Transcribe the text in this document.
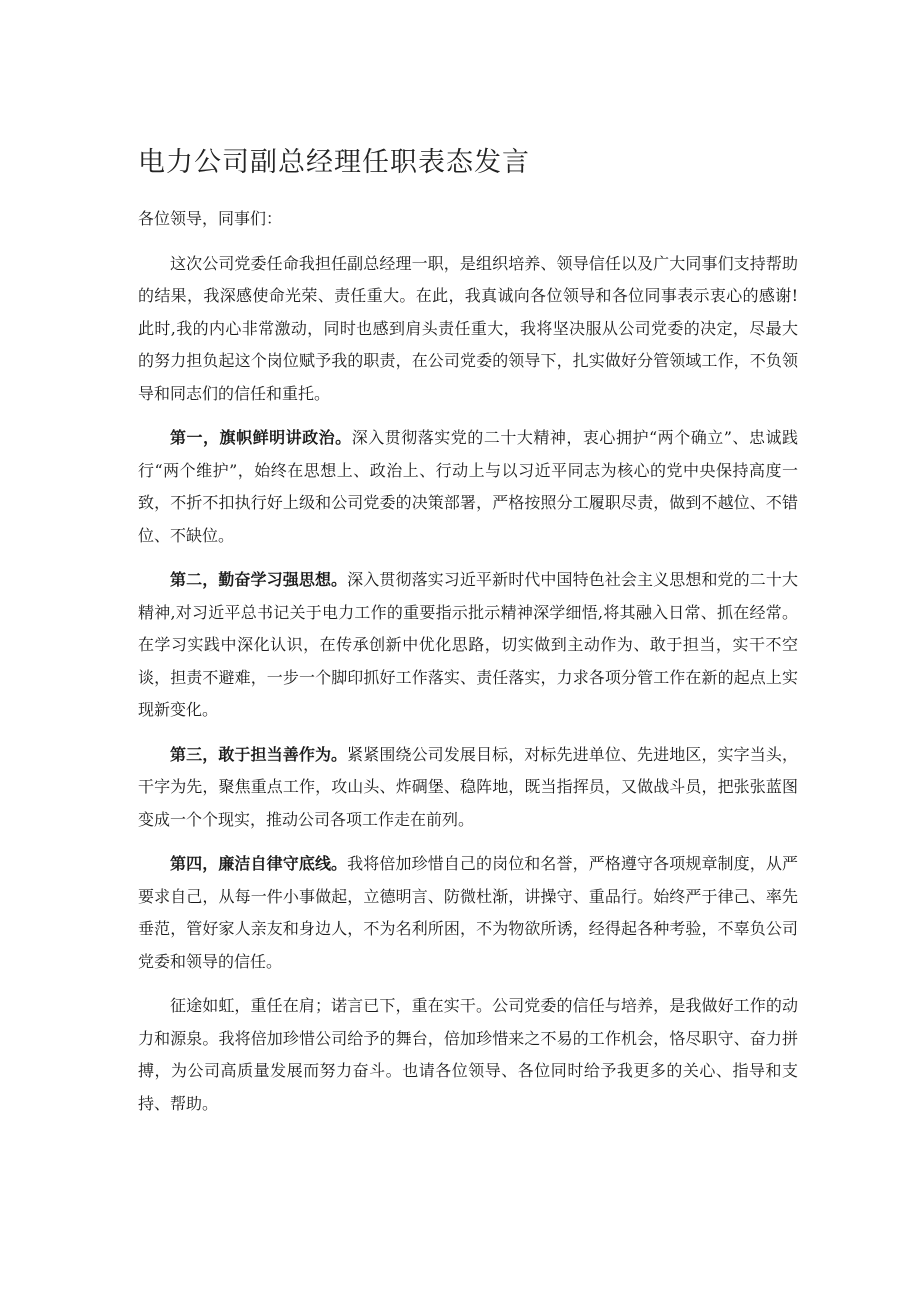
电力公司副总经理任职表态发言

各位领导，同事们：

这次公司党委任命我担任副总经理一职，是组织培养、领导信任以及广大同事们支持帮助的结果，我深感使命光荣、责任重大。在此，我真诚向各位领导和各位同事表示衷心的感谢!此时,我的内心非常激动，同时也感到肩头责任重大，我将坚决服从公司党委的决定，尽最大的努力担负起这个岗位赋予我的职责，在公司党委的领导下，扎实做好分管领域工作，不负领导和同志们的信任和重托。

第一，旗帜鲜明讲政治。深入贯彻落实党的二十大精神，衷心拥护“两个确立”、忠诚践行“两个维护”，始终在思想上、政治上、行动上与以习近平同志为核心的党中央保持高度一致，不折不扣执行好上级和公司党委的决策部署，严格按照分工履职尽责，做到不越位、不错位、不缺位。

第二，勤奋学习强思想。深入贯彻落实习近平新时代中国特色社会主义思想和党的二十大精神,对习近平总书记关于电力工作的重要指示批示精神深学细悟,将其融入日常、抓在经常。在学习实践中深化认识，在传承创新中优化思路，切实做到主动作为、敢于担当，实干不空谈，担责不避难，一步一个脚印抓好工作落实、责任落实，力求各项分管工作在新的起点上实现新变化。

第三，敢于担当善作为。紧紧围绕公司发展目标，对标先进单位、先进地区，实字当头，干字为先，聚焦重点工作，攻山头、炸碉堡、稳阵地，既当指挥员，又做战斗员，把张张蓝图变成一个个现实，推动公司各项工作走在前列。

第四，廉洁自律守底线。我将倍加珍惜自己的岗位和名誉，严格遵守各项规章制度，从严要求自己，从每一件小事做起，立德明言、防微杜渐，讲操守、重品行。始终严于律己、率先垂范，管好家人亲友和身边人，不为名利所困，不为物欲所诱，经得起各种考验，不辜负公司党委和领导的信任。

征途如虹，重任在肩；诺言已下，重在实干。公司党委的信任与培养，是我做好工作的动力和源泉。我将倍加珍惜公司给予的舞台，倍加珍惜来之不易的工作机会，恪尽职守、奋力拼搏，为公司高质量发展而努力奋斗。也请各位领导、各位同时给予我更多的关心、指导和支持、帮助。
